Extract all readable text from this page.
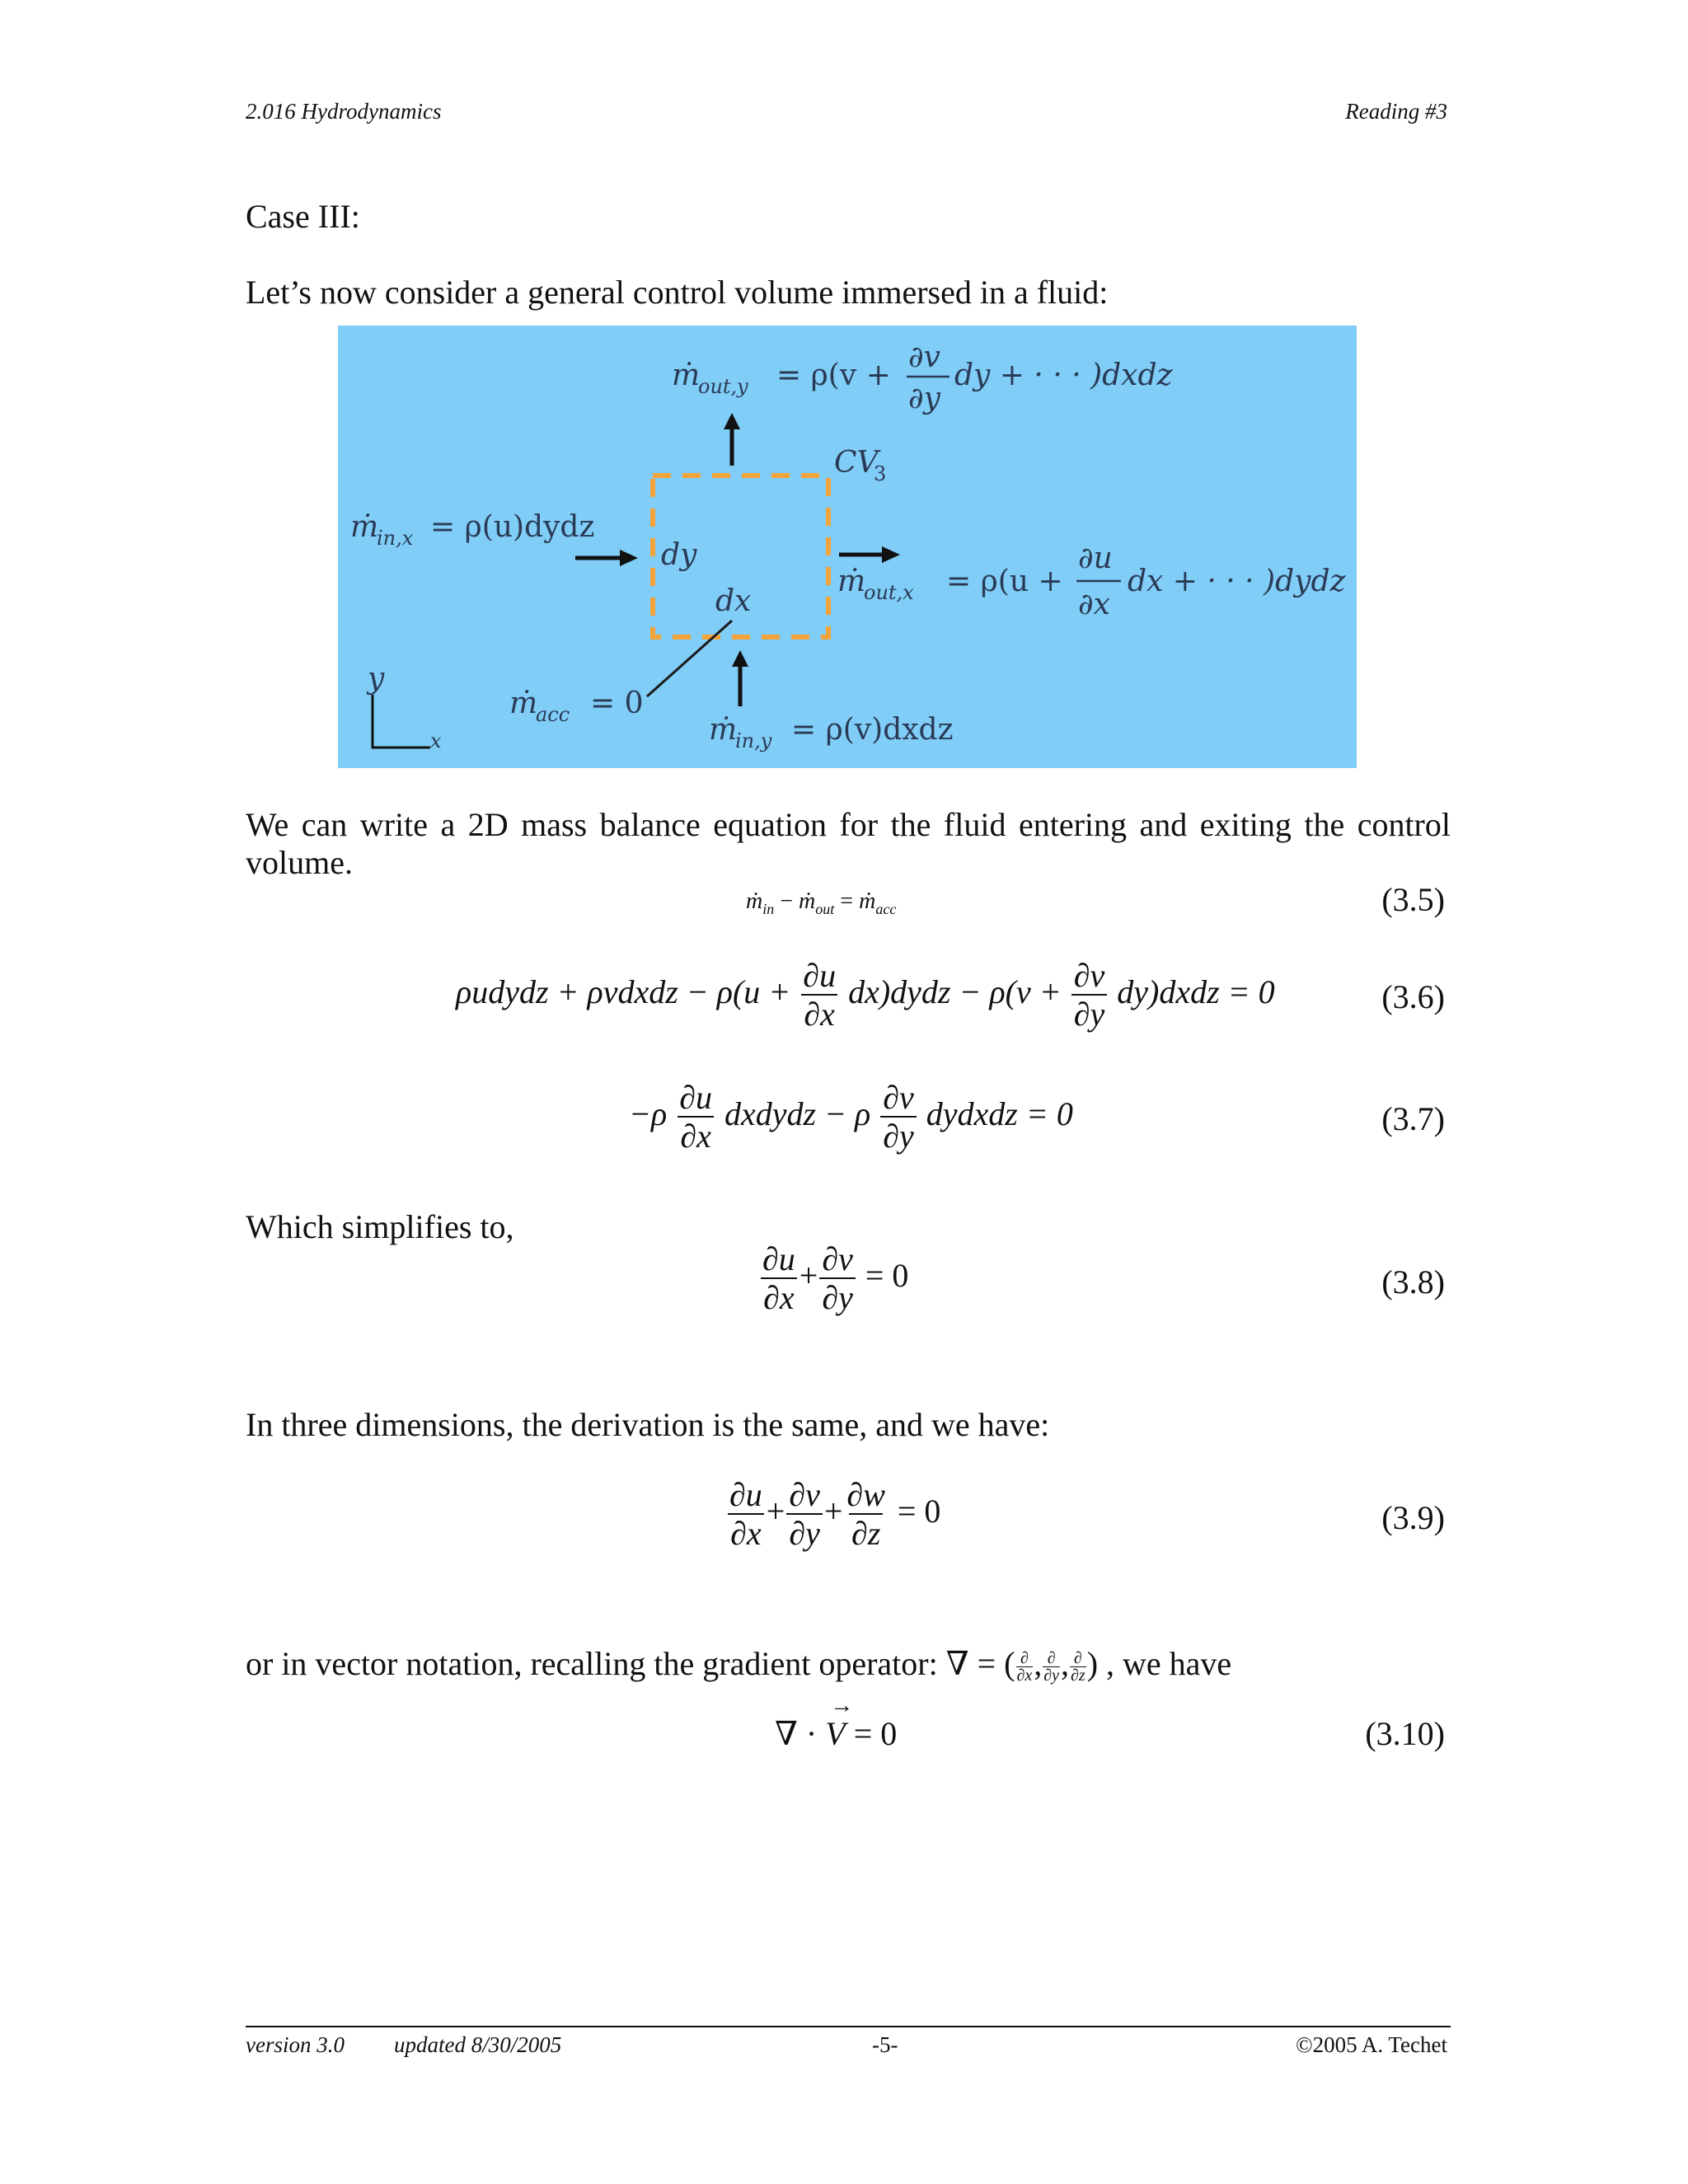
2.016 Hydrodynamics	Reading #3
Case III:
Let’s now consider a general control volume immersed in a fluid:
ṁ
out,y = ρ(v +
∂v
∂y
dy + · · · )dxdz
CV
3
ṁ
in,x = ρ(u)dydz
dy
dx
ṁ
out,x = ρ(u +
∂u
∂x
dx + · · · )dydz
ṁ
acc = 0
ṁ
in,y = ρ(v)dxdz
y
x
We can write a 2D mass balance equation for the fluid entering and exiting the control volume.
ṁ$_{in}$ − ṁ$_{out}$ = ṁ$_{acc}$	(3.5)
ρudydz + ρvdxdz − $\rho(u + \frac{\partial u}{\partial x}$ dx)dydz − $\rho(v + \frac{\partial v}{\partial y}$ dy)dxdz = 0	(3.6)
$-\rho \frac{\partial u}{\partial x}$ dxdydz − ρ $\frac{\partial v}{\partial y}$ dydxdz = 0	(3.7)
Which simplifies to,
$\frac{\partial u}{\partial x} + \frac{\partial v}{\partial y} = 0$	(3.8)
In three dimensions, the derivation is the same, and we have:
$\frac{\partial u}{\partial x} + \frac{\partial v}{\partial y} + \frac{\partial w}{\partial z} = 0$	(3.9)
or in vector notation, recalling the gradient operator: ∇ = ( ∂
∂x , ∂
∂y , ∂
∂z ) , we have
∇ · V
→
= 0	(3.10)
version 3.0 updated 8/30/2005	-5-	©2005 A. Techet
